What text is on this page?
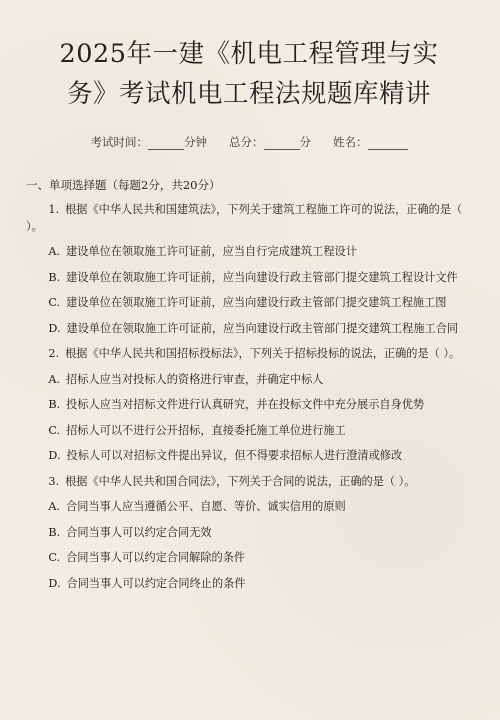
2025年一建《机电工程管理与实
务》考试机电工程法规题库精讲
考试时间：	分钟 总分：	分 姓名：
一、单项选择题（每题2分，共20分）

1. 根据《中华人民共和国建筑法》，下列关于建筑工程施工许可的说法，正确的是（ ）。

A. 建设单位在领取施工许可证前，应当自行完成建筑工程设计

B. 建设单位在领取施工许可证前，应当向建设行政主管部门提交建筑工程设计文件

C. 建设单位在领取施工许可证前，应当向建设行政主管部门提交建筑工程施工图

D. 建设单位在领取施工许可证前，应当向建设行政主管部门提交建筑工程施工合同

2. 根据《中华人民共和国招标投标法》，下列关于招标投标的说法，正确的是（ ）。

A. 招标人应当对投标人的资格进行审查，并确定中标人

B. 投标人应当对招标文件进行认真研究，并在投标文件中充分展示自身优势

C. 招标人可以不进行公开招标，直接委托施工单位进行施工

D. 投标人可以对招标文件提出异议，但不得要求招标人进行澄清或修改

3. 根据《中华人民共和国合同法》，下列关于合同的说法，正确的是（ ）。

A. 合同当事人应当遵循公平、自愿、等价、诚实信用的原则

B. 合同当事人可以约定合同无效

C. 合同当事人可以约定合同解除的条件

D. 合同当事人可以约定合同终止的条件
